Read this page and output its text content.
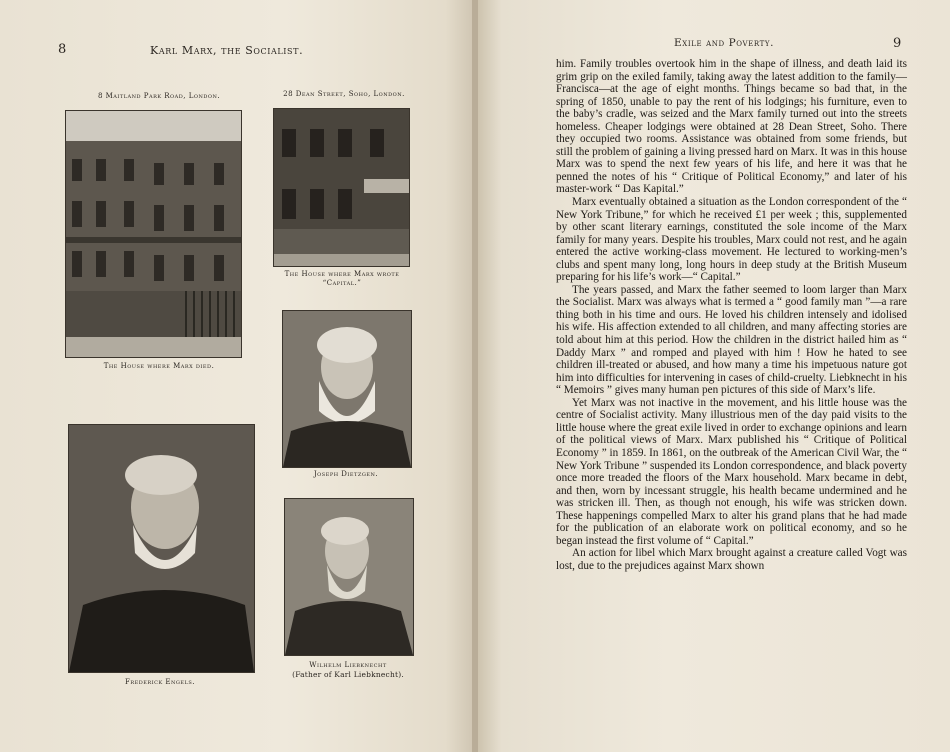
8	Karl Marx, the Socialist.
8 Maitland Park Road, London.	28 Dean Street, Soho, London.
The House where Marx wrote “Capital.”
The House where Marx died.
Joseph Dietzgen.
Frederick Engels.
Wilhelm Liebknecht
(Father of Karl Liebknecht).
Exile and Poverty.	9

him. Family troubles overtook him in the shape of illness, and death laid its grim grip on the exiled family, taking away the latest addition to the family—Francisca—at the age of eight months. Things became so bad that, in the spring of 1850, unable to pay the rent of his lodgings; his furniture, even to the baby’s cradle, was seized and the Marx family turned out into the streets homeless. Cheaper lodgings were obtained at 28 Dean Street, Soho. There they occupied two rooms. Assistance was obtained from some friends, but still the problem of gaining a living pressed hard on Marx. It was in this house Marx was to spend the next few years of his life, and here it was that he penned the notes of his “ Critique of Political Economy,” and later of his master-work “ Das Kapital.”

Marx eventually obtained a situation as the London correspondent of the “ New York Tribune,” for which he received £1 per week ; this, supplemented by other scant literary earnings, constituted the sole income of the Marx family for many years. Despite his troubles, Marx could not rest, and he again entered the active working-class movement. He lectured to working-men’s clubs and spent many long, long hours in deep study at the British Museum preparing for his life’s work—“ Capital.”

The years passed, and Marx the father seemed to loom larger than Marx the Socialist. Marx was always what is termed a “ good family man ”—a rare thing both in his time and ours. He loved his children intensely and idolised his wife. His affection extended to all children, and many affecting stories are told about him at this period. How the children in the district hailed him as “ Daddy Marx ” and romped and played with him ! How he hated to see children ill-treated or abused, and how many a time his impetuous nature got him into difficulties for intervening in cases of child-cruelty. Liebknecht in his “ Memoirs ” gives many human pen pictures of this side of Marx’s life.

Yet Marx was not inactive in the movement, and his little house was the centre of Socialist activity. Many illustrious men of the day paid visits to the little house where the great exile lived in order to exchange opinions and learn of the political views of Marx. Marx published his “ Critique of Political Economy ” in 1859. In 1861, on the outbreak of the American Civil War, the “ New York Tribune ” suspended its London correspondence, and black poverty once more treaded the floors of the Marx household. Marx became in debt, and then, worn by incessant struggle, his health became undermined and he was stricken ill. Then, as though not enough, his wife was stricken down. These happenings compelled Marx to alter his grand plans that he had made for the publication of an elaborate work on political economy, and so he began instead the first volume of “ Capital.”

An action for libel which Marx brought against a creature called Vogt was lost, due to the prejudices against Marx shown
